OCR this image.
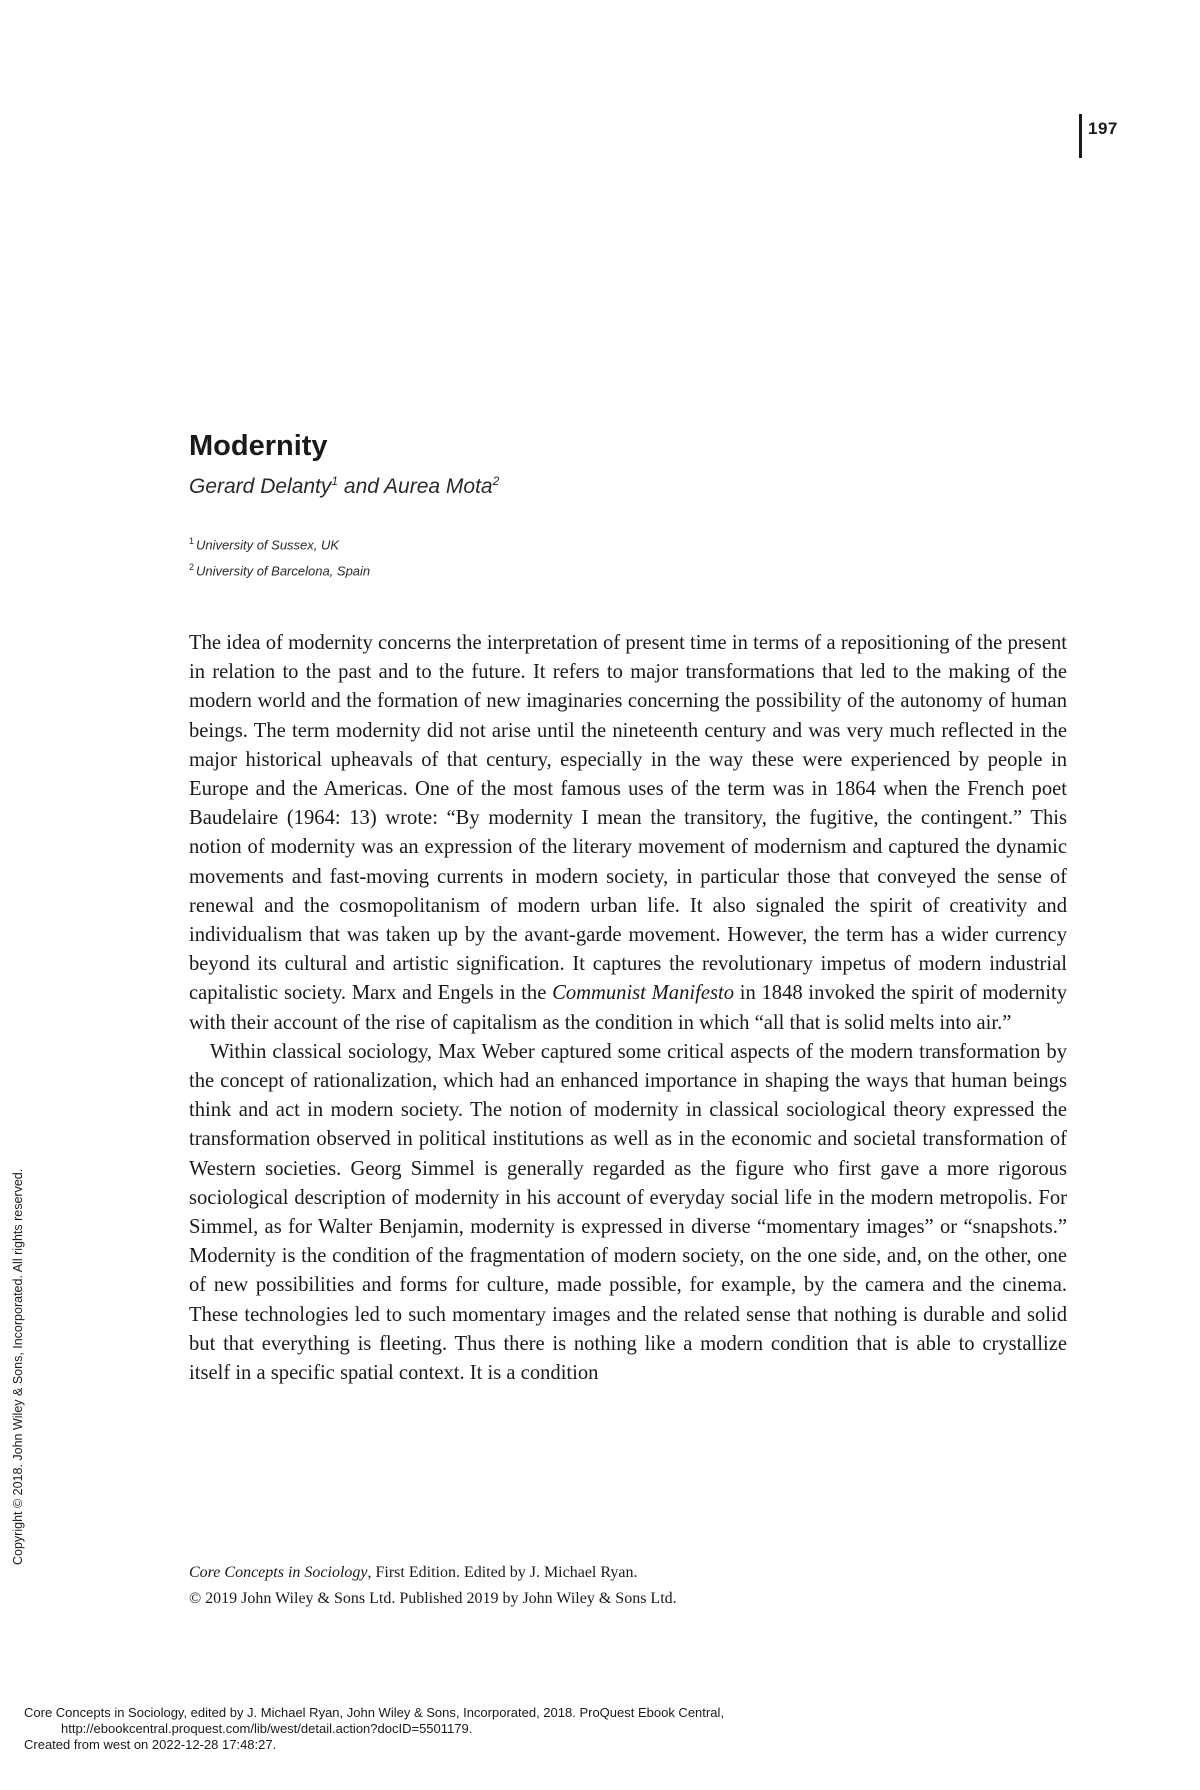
197
Modernity
Gerard Delanty$^1$ and Aurea Mota$^2$
$^1$ University of Sussex, UK
$^2$ University of Barcelona, Spain

The idea of modernity concerns the interpretation of present time in terms of a repositioning of the present in relation to the past and to the future. It refers to major transformations that led to the making of the modern world and the formation of new imaginaries concerning the possibility of the autonomy of human beings. The term modernity did not arise until the nineteenth century and was very much reflected in the major historical upheavals of that century, especially in the way these were experienced by people in Europe and the Americas. One of the most famous uses of the term was in 1864 when the French poet Baudelaire (1964: 13) wrote: “By modernity I mean the transitory, the fugitive, the contingent.” This notion of modernity was an expression of the literary movement of modernism and captured the dynamic movements and fast-moving currents in modern society, in particular those that conveyed the sense of renewal and the cosmopolitanism of modern urban life. It also signaled the spirit of creativity and individualism that was taken up by the avant-garde movement. However, the term has a wider currency beyond its cultural and artistic signification. It captures the revolutionary impetus of modern industrial capitalistic society. Marx and Engels in the Communist Manifesto in 1848 invoked the spirit of modernity with their account of the rise of capitalism as the condition in which “all that is solid melts into air.”

Within classical sociology, Max Weber captured some critical aspects of the modern transformation by the concept of rationalization, which had an enhanced importance in shaping the ways that human beings think and act in modern society. The notion of modernity in classical sociological theory expressed the transformation observed in political institutions as well as in the economic and societal transformation of Western societies. Georg Simmel is generally regarded as the figure who first gave a more rigorous sociological description of modernity in his account of everyday social life in the modern metropolis. For Simmel, as for Walter Benjamin, modernity is expressed in diverse “momentary images” or “snapshots.” Modernity is the condition of the fragmentation of modern society, on the one side, and, on the other, one of new possibilities and forms for culture, made possible, for example, by the camera and the cinema. These technologies led to such momentary images and the related sense that nothing is durable and solid but that everything is fleeting. Thus there is nothing like a modern condition that is able to crystallize itself in a specific spatial context. It is a condition

Core Concepts in Sociology, First Edition. Edited by J. Michael Ryan.
© 2019 John Wiley & Sons Ltd. Published 2019 by John Wiley & Sons Ltd.
Copyright © 2018. John Wiley & Sons, Incorporated. All rights reserved.
Core Concepts in Sociology, edited by J. Michael Ryan, John Wiley & Sons, Incorporated, 2018. ProQuest Ebook Central,
http://ebookcentral.proquest.com/lib/west/detail.action?docID=5501179.
Created from west on 2022-12-28 17:48:27.
